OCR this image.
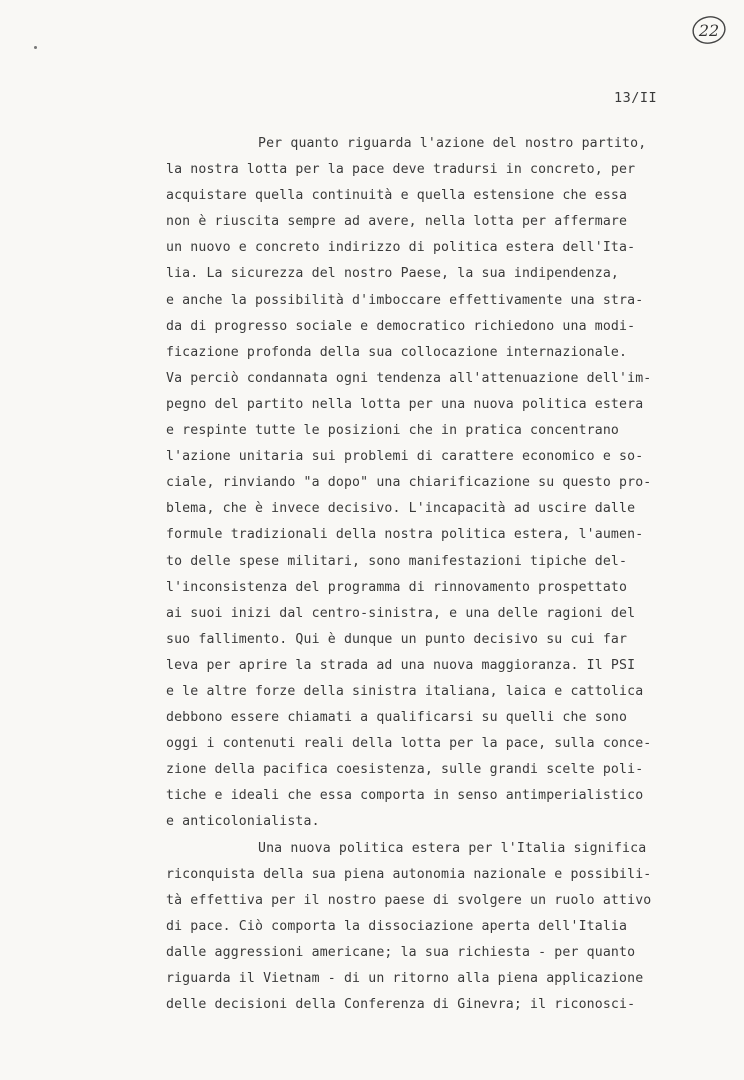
22
13/II
Per quanto riguarda l'azione del nostro partito,
la nostra lotta per la pace deve tradursi in concreto, per
acquistare quella continuità e quella estensione che essa
non è riuscita sempre ad avere, nella lotta per affermare
un nuovo e concreto indirizzo di politica estera dell'Ita-
lia. La sicurezza del nostro Paese, la sua indipendenza,
e anche la possibilità d'imboccare effettivamente una stra-
da di progresso sociale e democratico richiedono una modi-
ficazione profonda della sua collocazione internazionale.
Va perciò condannata ogni tendenza all'attenuazione dell'im-
pegno del partito nella lotta per una nuova politica estera
e respinte tutte le posizioni che in pratica concentrano
l'azione unitaria sui problemi di carattere economico e so-
ciale, rinviando "a dopo" una chiarificazione su questo pro-
blema, che è invece decisivo. L'incapacità ad uscire dalle
formule tradizionali della nostra politica estera, l'aumen-
to delle spese militari, sono manifestazioni tipiche del-
l'inconsistenza del programma di rinnovamento prospettato
ai suoi inizi dal centro-sinistra, e una delle ragioni del
suo fallimento. Qui è dunque un punto decisivo su cui far
leva per aprire la strada ad una nuova maggioranza. Il PSI
e le altre forze della sinistra italiana, laica e cattolica
debbono essere chiamati a qualificarsi su quelli che sono
oggi i contenuti reali della lotta per la pace, sulla conce-
zione della pacifica coesistenza, sulle grandi scelte poli-
tiche e ideali che essa comporta in senso antimperialistico
e anticolonialista.
Una nuova politica estera per l'Italia significa
riconquista della sua piena autonomia nazionale e possibili-
tà effettiva per il nostro paese di svolgere un ruolo attivo
di pace. Ciò comporta la dissociazione aperta dell'Italia
dalle aggressioni americane; la sua richiesta - per quanto
riguarda il Vietnam - di un ritorno alla piena applicazione
delle decisioni della Conferenza di Ginevra; il riconosci-
